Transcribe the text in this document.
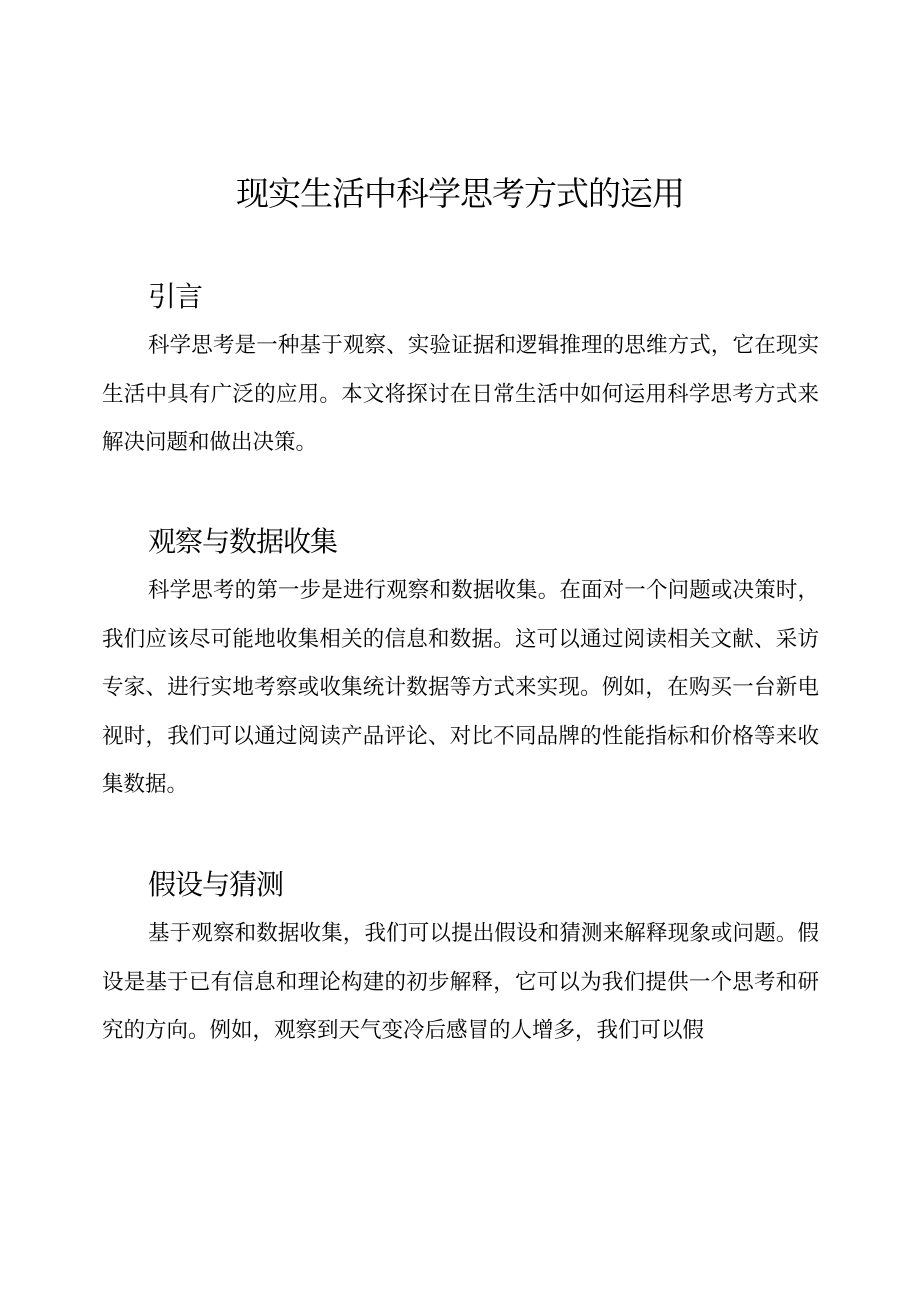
现实生活中科学思考方式的运用
引言

科学思考是一种基于观察、实验证据和逻辑推理的思维方式，它在现实生活中具有广泛的应用。本文将探讨在日常生活中如何运用科学思考方式来解决问题和做出决策。

观察与数据收集

科学思考的第一步是进行观察和数据收集。在面对一个问题或决策时，我们应该尽可能地收集相关的信息和数据。这可以通过阅读相关文献、采访专家、进行实地考察或收集统计数据等方式来实现。例如，在购买一台新电视时，我们可以通过阅读产品评论、对比不同品牌的性能指标和价格等来收集数据。

假设与猜测

基于观察和数据收集，我们可以提出假设和猜测来解释现象或问题。假设是基于已有信息和理论构建的初步解释，它可以为我们提供一个思考和研究的方向。例如，观察到天气变冷后感冒的人增多，我们可以假
